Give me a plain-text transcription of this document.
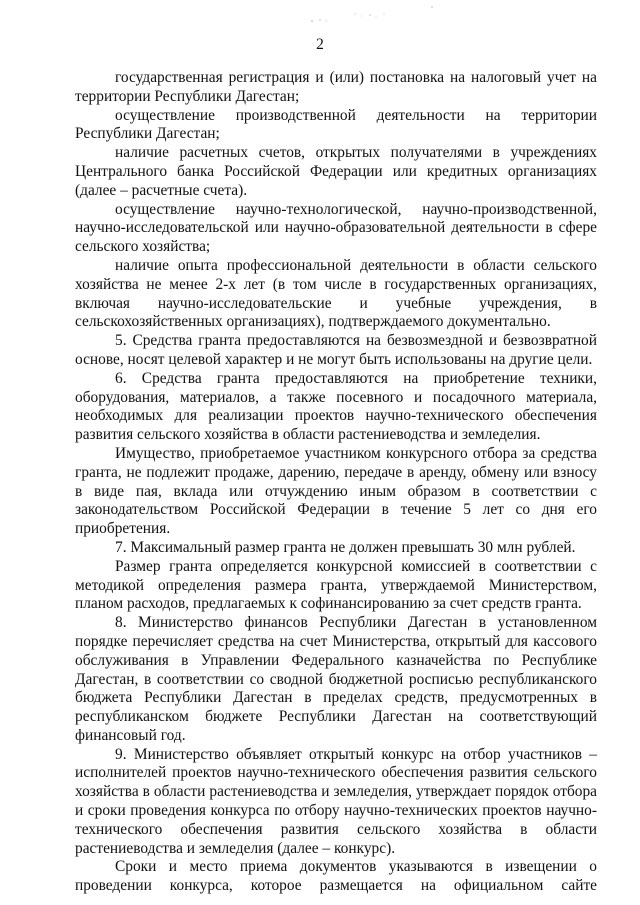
2

государственная регистрация и (или) постановка на налоговый учет на территории Республики Дагестан;

осуществление производственной деятельности на территории Республики Дагестан;

наличие расчетных счетов, открытых получателями в учреждениях Центрального банка Российской Федерации или кредитных организациях (далее – расчетные счета).

осуществление научно-технологической, научно-производственной, научно-исследовательской или научно-образовательной деятельности в сфере сельского хозяйства;

наличие опыта профессиональной деятельности в области сельского хозяйства не менее 2-х лет (в том числе в государственных организациях, включая научно-исследовательские и учебные учреждения, в сельскохозяйственных организациях), подтверждаемого документально.

5. Средства гранта предоставляются на безвозмездной и безвозвратной основе, носят целевой характер и не могут быть использованы на другие цели.

6. Средства гранта предоставляются на приобретение техники, оборудования, материалов, а также посевного и посадочного материала, необходимых для реализации проектов научно-технического обеспечения развития сельского хозяйства в области растениеводства и земледелия.

Имущество, приобретаемое участником конкурсного отбора за средства гранта, не подлежит продаже, дарению, передаче в аренду, обмену или взносу в виде пая, вклада или отчуждению иным образом в соответствии с законодательством Российской Федерации в течение 5 лет со дня его приобретения.

7. Максимальный размер гранта не должен превышать 30 млн рублей.

Размер гранта определяется конкурсной комиссией в соответствии с методикой определения размера гранта, утверждаемой Министерством, планом расходов, предлагаемых к софинансированию за счет средств гранта.

8. Министерство финансов Республики Дагестан в установленном порядке перечисляет средства на счет Министерства, открытый для кассового обслуживания в Управлении Федерального казначейства по Республике Дагестан, в соответствии со сводной бюджетной росписью республиканского бюджета Республики Дагестан в пределах средств, предусмотренных в республиканском бюджете Республики Дагестан на соответствующий финансовый год.

9. Министерство объявляет открытый конкурс на отбор участников – исполнителей проектов научно-технического обеспечения развития сельского хозяйства в области растениеводства и земледелия, утверждает порядок отбора и сроки проведения конкурса по отбору научно-технических проектов научно-технического обеспечения развития сельского хозяйства в области растениеводства и земледелия (далее – конкурс).

Сроки и место приема документов указываются в извещении о проведении конкурса, которое размещается на официальном сайте
